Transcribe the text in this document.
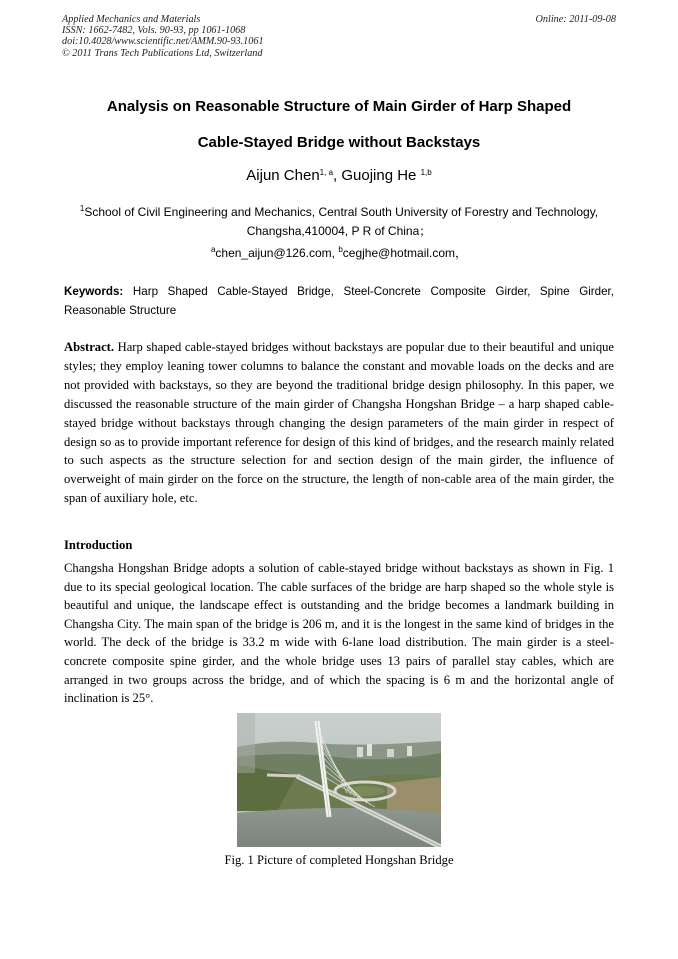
Applied Mechanics and Materials
ISSN: 1662-7482, Vols. 90-93, pp 1061-1068
doi:10.4028/www.scientific.net/AMM.90-93.1061
© 2011 Trans Tech Publications Ltd, Switzerland
Online: 2011-09-08
Analysis on Reasonable Structure of Main Girder of Harp Shaped
Cable-Stayed Bridge without Backstays
Aijun Chen$^{1, a}$, Guojing He $^{1,b}$
$^1$School of Civil Engineering and Mechanics, Central South University of Forestry and Technology,
Changsha,410004, P R of China；
$^a$chen_aijun@126.com, $^b$cegjhe@hotmail.com，
Keywords: Harp Shaped Cable-Stayed Bridge, Steel-Concrete Composite Girder, Spine Girder, Reasonable Structure
Abstract. Harp shaped cable-stayed bridges without backstays are popular due to their beautiful and unique styles; they employ leaning tower columns to balance the constant and movable loads on the decks and are not provided with backstays, so they are beyond the traditional bridge design philosophy. In this paper, we discussed the reasonable structure of the main girder of Changsha Hongshan Bridge – a harp shaped cable-stayed bridge without backstays through changing the design parameters of the main girder in respect of design so as to provide important reference for design of this kind of bridges, and the research mainly related to such aspects as the structure selection for and section design of the main girder, the influence of overweight of main girder on the force on the structure, the length of non-cable area of the main girder, the span of auxiliary hole, etc.
Introduction
Changsha Hongshan Bridge adopts a solution of cable-stayed bridge without backstays as shown in Fig. 1 due to its special geological location. The cable surfaces of the bridge are harp shaped so the whole style is beautiful and unique, the landscape effect is outstanding and the bridge becomes a landmark building in Changsha City. The main span of the bridge is 206 m, and it is the longest in the same kind of bridges in the world. The deck of the bridge is 33.2 m wide with 6-lane load distribution. The main girder is a steel-concrete composite spine girder, and the whole bridge uses 13 pairs of parallel stay cables, which are arranged in two groups across the bridge, and of which the spacing is 6 m and the horizontal angle of inclination is 25°.
Fig. 1 Picture of completed Hongshan Bridge
